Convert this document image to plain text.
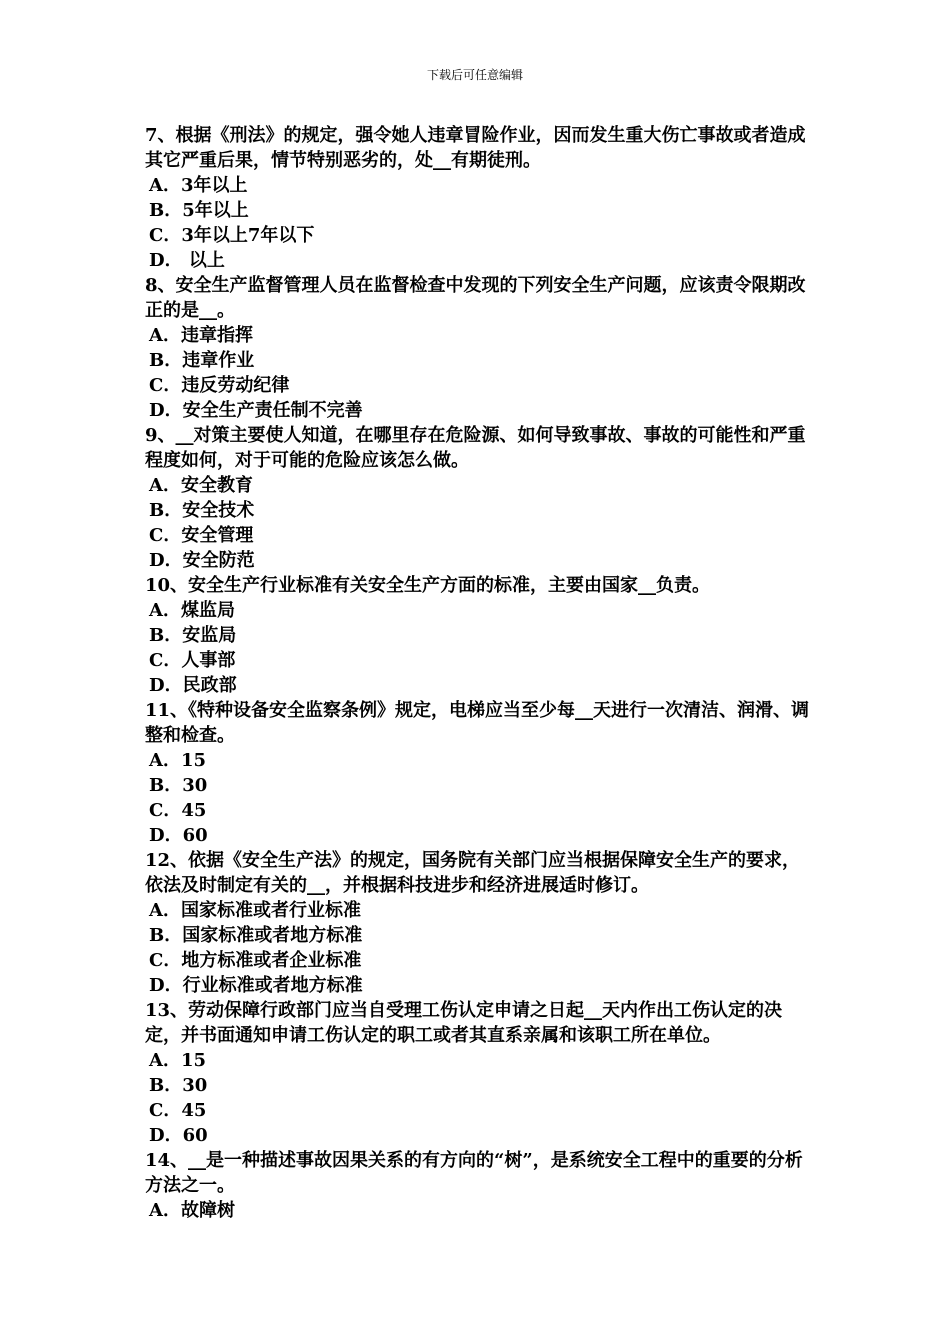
下载后可任意编辑

7、根据《刑法》的规定，强令她人违章冒险作业，因而发生重大伤亡事故或者造成其它严重后果，情节特别恶劣的，处__有期徒刑。

A．3年以上

B．5年以上

C．3年以上7年以下

D． 以上

8、安全生产监督管理人员在监督检查中发现的下列安全生产问题，应该责令限期改正的是__。

A．违章指挥

B．违章作业

C．违反劳动纪律

D．安全生产责任制不完善

9、__对策主要使人知道，在哪里存在危险源、如何导致事故、事故的可能性和严重程度如何，对于可能的危险应该怎么做。

A．安全教育

B．安全技术

C．安全管理

D．安全防范

10、安全生产行业标准有关安全生产方面的标准，主要由国家__负责。

A．煤监局

B．安监局

C．人事部

D．民政部

11、《特种设备安全监察条例》规定，电梯应当至少每__天进行一次清洁、润滑、调整和检查。

A．15

B．30

C．45

D．60

12、依据《安全生产法》的规定，国务院有关部门应当根据保障安全生产的要求，依法及时制定有关的__，并根据科技进步和经济进展适时修订。

A．国家标准或者行业标准

B．国家标准或者地方标准

C．地方标准或者企业标准

D．行业标准或者地方标准

13、劳动保障行政部门应当自受理工伤认定申请之日起__天内作出工伤认定的决定，并书面通知申请工伤认定的职工或者其直系亲属和该职工所在单位。

A．15

B．30

C．45

D．60

14、__是一种描述事故因果关系的有方向的“树”，是系统安全工程中的重要的分析方法之一。

A．故障树
